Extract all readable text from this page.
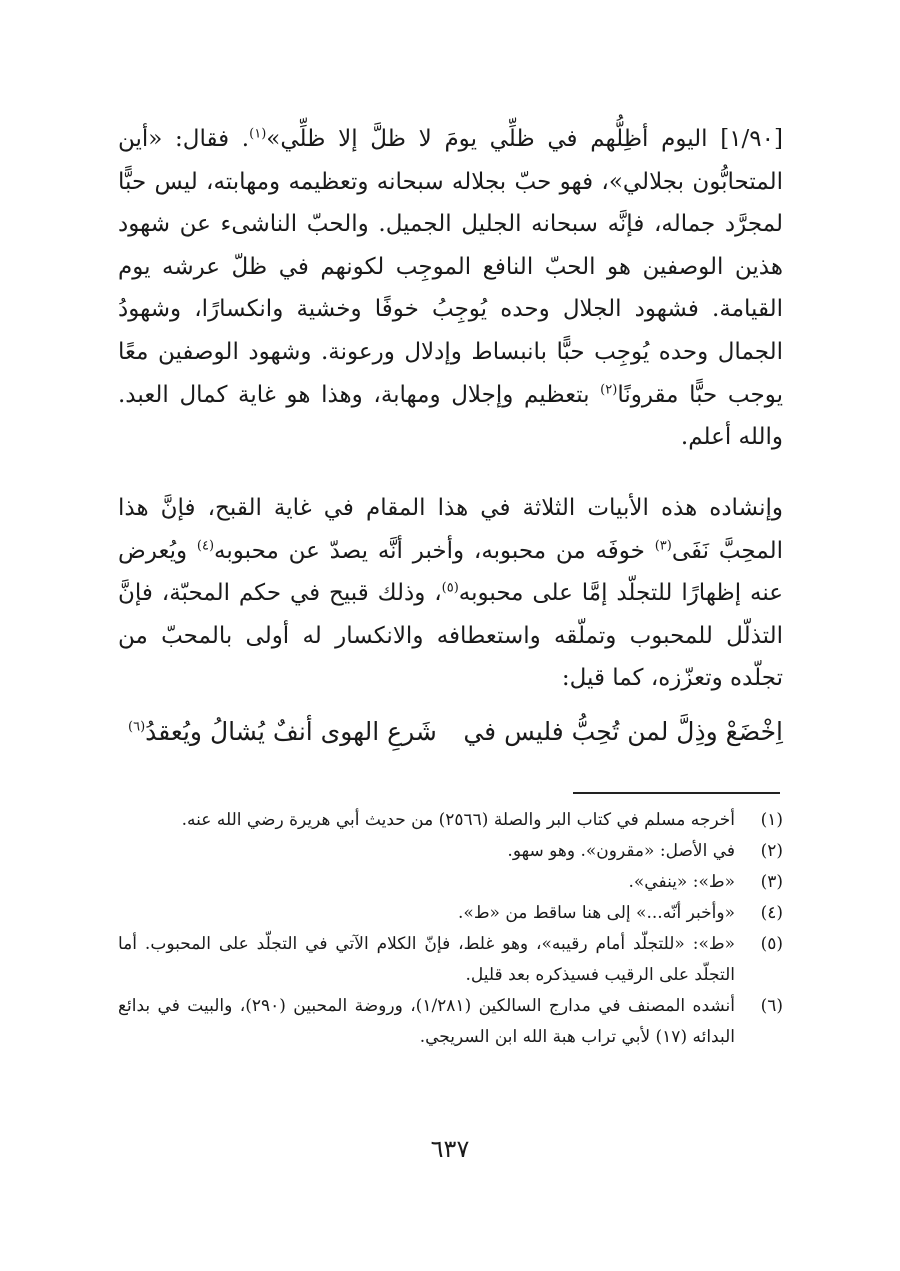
[١/٩٠] اليوم أظِلُّهم في ظلِّي يومَ لا ظلَّ إلا ظلِّي»$^{(١)}$. فقال: «أين المتحابُّون بجلالي»، فهو حبّ بجلاله سبحانه وتعظيمه ومهابته، ليس حبًّا لمجرَّد جماله، فإنَّه سبحانه الجليل الجميل. والحبّ الناشىء عن شهود هذين الوصفين هو الحبّ النافع الموجِب لكونهم في ظلّ عرشه يوم القيامة. فشهود الجلال وحده يُوجِبُ خوفًا وخشية وانكسارًا، وشهودُ الجمال وحده يُوجِب حبًّا بانبساط وإدلال ورعونة. وشهود الوصفين معًا يوجب حبًّا مقرونًا$^{(٢)}$ بتعظيم وإجلال ومهابة، وهذا هو غاية كمال العبد. والله أعلم.
وإنشاده هذه الأبيات الثلاثة في هذا المقام في غاية القبح، فإنَّ هذا المحِبَّ نَفَى$^{(٣)}$ خوفَه من محبوبه، وأخبر أنَّه يصدّ عن محبوبه$^{(٤)}$ ويُعرض عنه إظهارًا للتجلّد إمَّا على محبوبه$^{(٥)}$، وذلك قبيح في حكم المحبّة، فإنَّ التذلّل للمحبوب وتملّقه واستعطافه والانكسار له أولى بالمحبّ من تجلّده وتعزّزه، كما قيل:
اِخْضَعْ وذِلَّ لمن تُحِبُّ فليس في
شَرعِ الهوى أنفٌ يُشالُ ويُعقدُ$^{(٦)}$
(١)
أخرجه مسلم في كتاب البر والصلة (٢٥٦٦) من حديث أبي هريرة رضي الله عنه.
(٢)
في الأصل: «مقرون». وهو سهو.
(٣)
«ط»: «ينفي».
(٤)
«وأخبر أنّه...» إلى هنا ساقط من «ط».
(٥)
«ط»: «للتجلّد أمام رقيبه»، وهو غلط، فإنّ الكلام الآتي في التجلّد على المحبوب. أما التجلّد على الرقيب فسيذكره بعد قليل.
(٦)
أنشده المصنف في مدارج السالكين (١/٢٨١)، وروضة المحبين (٢٩٠)، والبيت في بدائع البدائه (١٧) لأبي تراب هبة الله ابن السريجي.
٦٣٧
